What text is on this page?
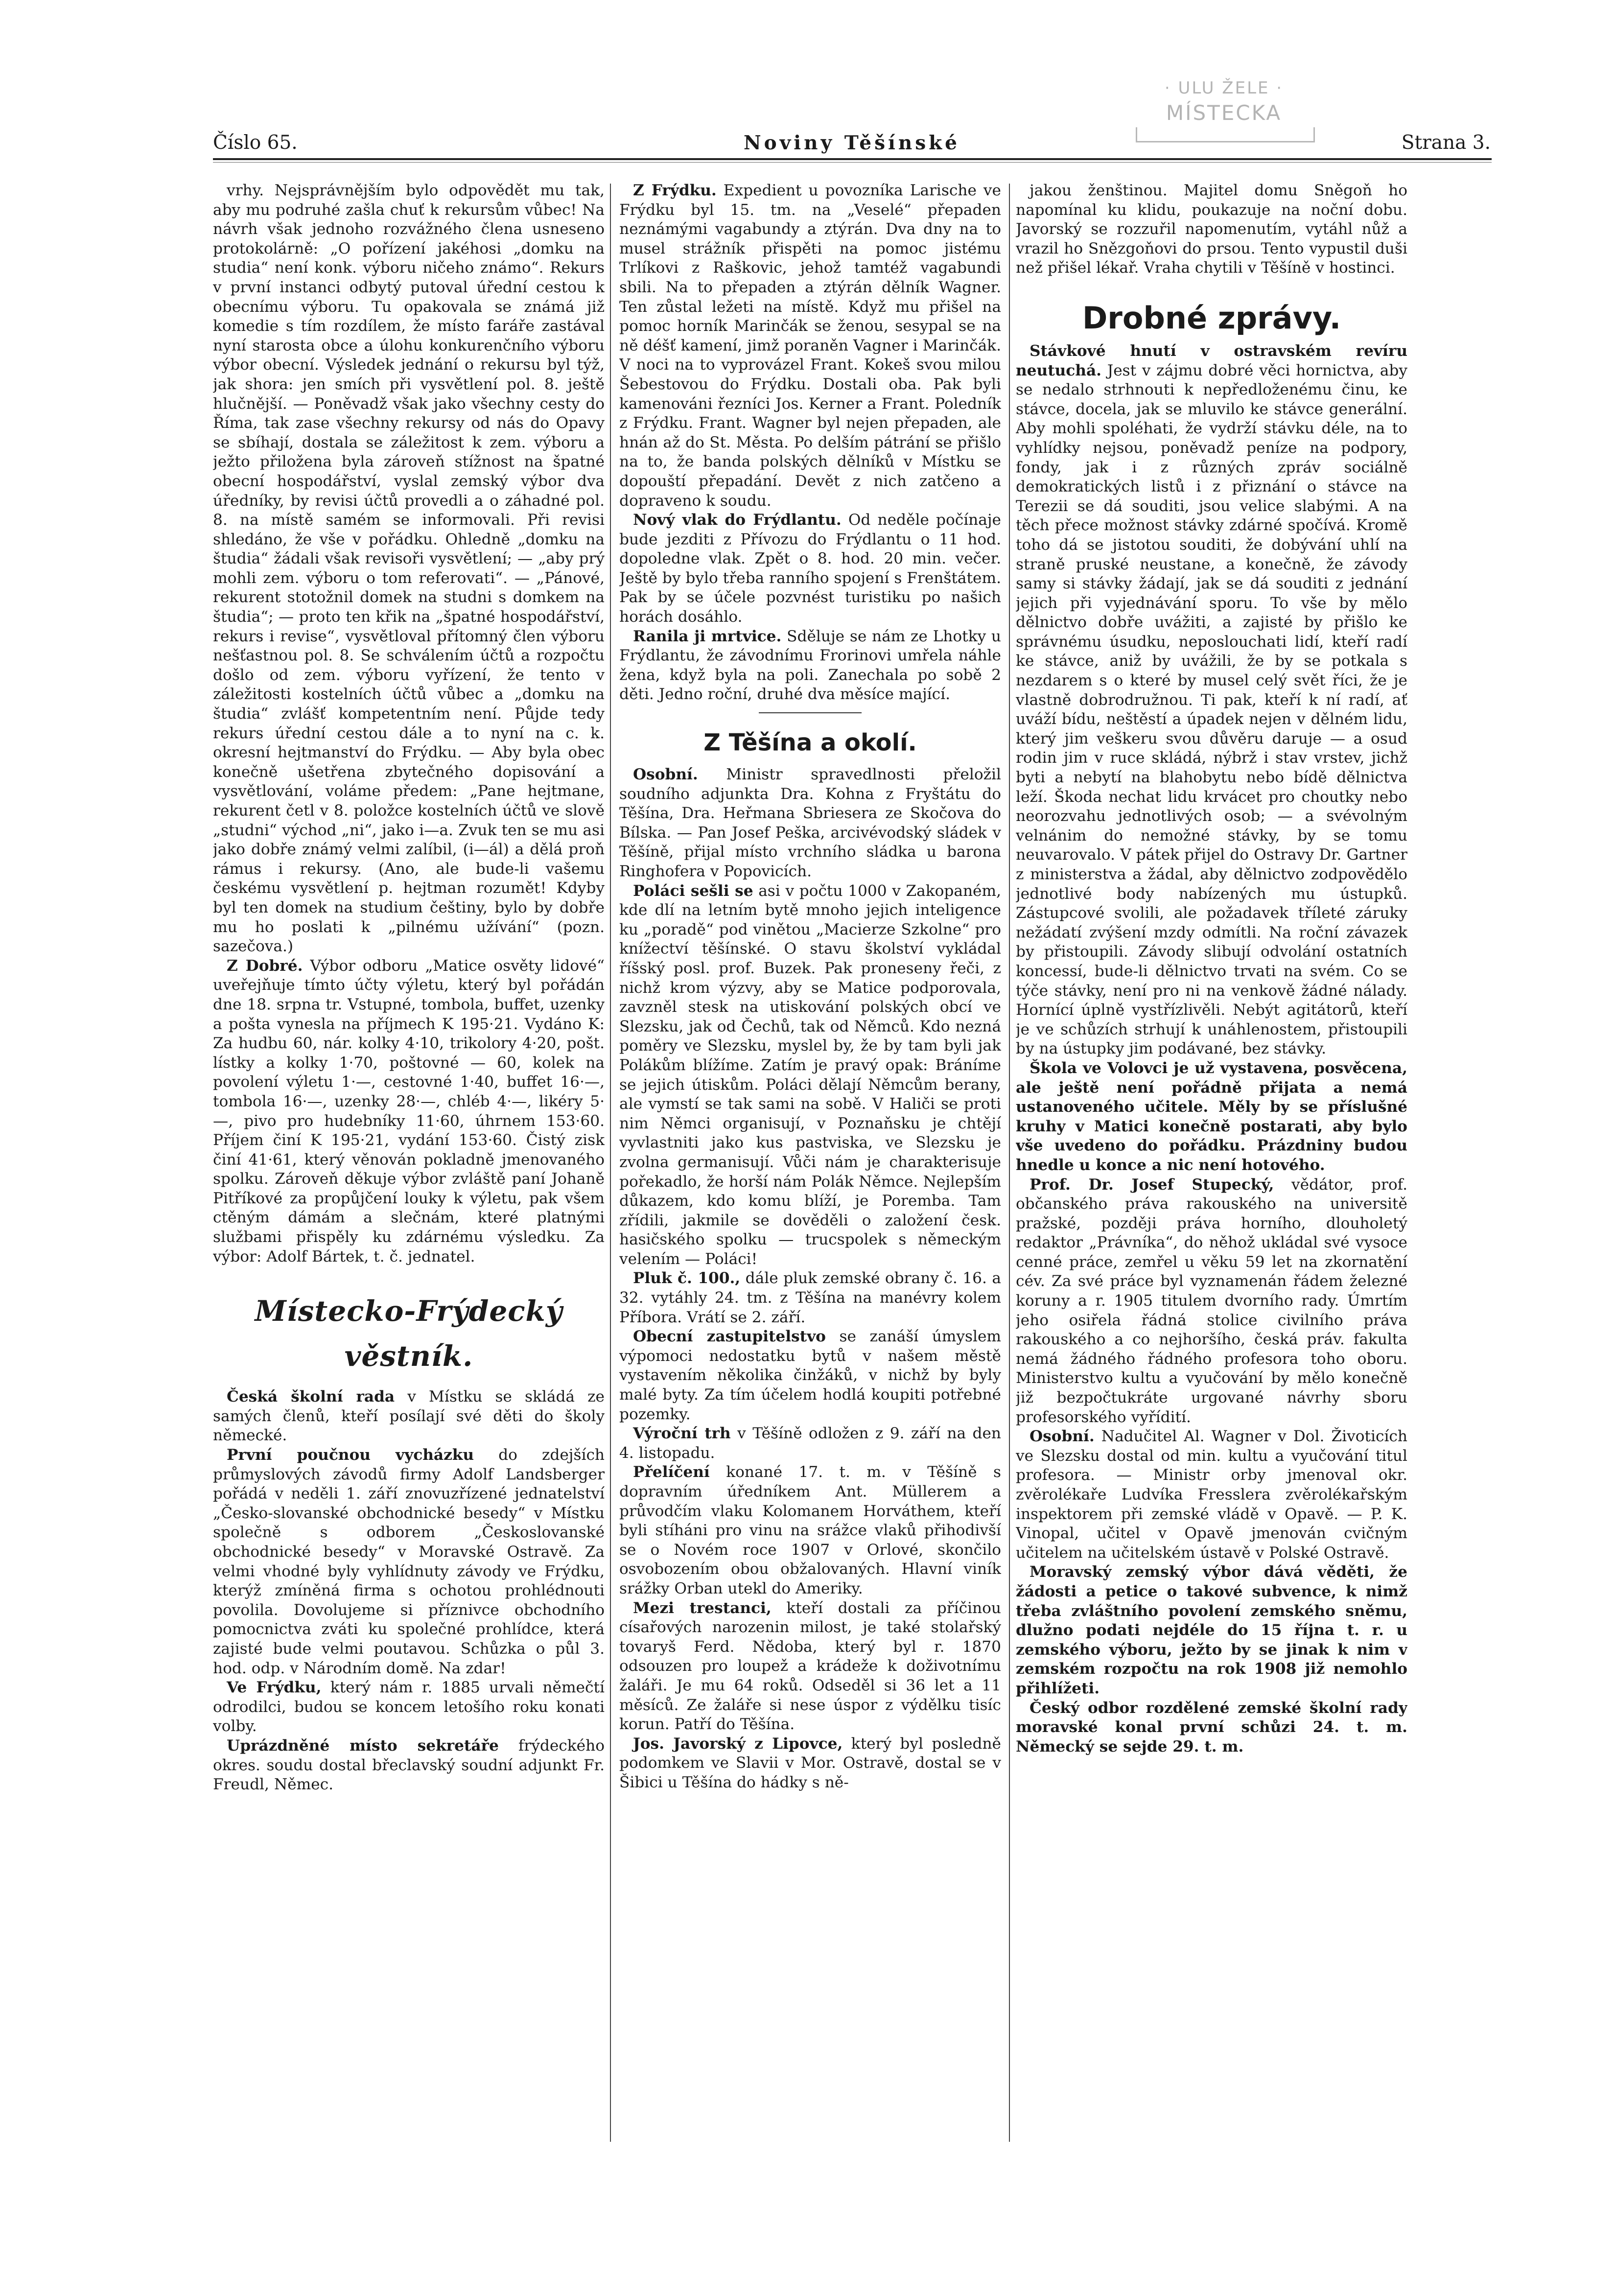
· ULU ŽELE ·
MÍSTECKA
Číslo 65.	Noviny Těšínské	Strana 3.

vrhy. Nejsprávnějším bylo odpovědět mu tak, aby mu podruhé zašla chuť k rekursům vůbec! Na návrh však jednoho rozvážného člena usneseno protokolárně: „O pořízení jakéhosi „domku na studia“ není konk. výboru ničeho známo“. Rekurs v první instanci odbytý putoval úřední cestou k obecnímu výboru. Tu opakovala se známá již komedie s tím rozdílem, že místo faráře zastával nyní starosta obce a úlohu konkurenčního výboru výbor obecní. Výsledek jednání o rekursu byl týž, jak shora: jen smích při vysvětlení pol. 8. ještě hlučnější. — Poněvadž však jako všechny cesty do Říma, tak zase všechny rekursy od nás do Opavy se sbíhají, dostala se záležitost k zem. výboru a ježto přiložena byla zároveň stížnost na špatné obecní hospodářství, vyslal zemský výbor dva úředníky, by revisi účtů provedli a o záhadné pol. 8. na místě samém se informovali. Při revisi shledáno, že vše v pořádku. Ohledně „domku na študia“ žádali však revisoři vysvětlení; — „aby prý mohli zem. výboru o tom referovati“. — „Pánové, rekurent stotožnil domek na studni s domkem na študia“; — proto ten křik na „špatné hospodářství, rekurs i revise“, vysvětloval přítomný člen výboru nešťastnou pol. 8. Se schválením účtů a rozpočtu došlo od zem. výboru vyřízení, že tento v záležitosti kostelních účtů vůbec a „domku na študia“ zvlášť kompetentním není. Půjde tedy rekurs úřední cestou dále a to nyní na c. k. okresní hejtmanství do Frýdku. — Aby byla obec konečně ušetřena zbytečného dopisování a vysvětlování, voláme předem: „Pane hejtmane, rekurent četl v 8. položce kostelních účtů ve slově „studni“ východ „ni“, jako i—a. Zvuk ten se mu asi jako dobře známý velmi zalíbil, (i—ál) a dělá proň rámus i rekursy. (Ano, ale bude-li vašemu českému vysvětlení p. hejtman rozumět! Kdyby byl ten domek na studium češtiny, bylo by dobře mu ho poslati k „pilnému užívání“ (pozn. sazečova.)

Z Dobré. Výbor odboru „Matice osvěty lidové“ uveřejňuje tímto účty výletu, který byl pořádán dne 18. srpna tr. Vstupné, tombola, buffet, uzenky a pošta vynesla na příjmech K 195·21. Vydáno K: Za hudbu 60, nár. kolky 4·10, trikolory 4·20, pošt. lístky a kolky 1·70, poštovné — 60, kolek na povolení výletu 1·—, cestovné 1·40, buffet 16·—, tombola 16·—, uzenky 28·—, chléb 4·—, likéry 5·—, pivo pro hudebníky 11·60, úhrnem 153·60. Příjem činí K 195·21, vydání 153·60. Čistý zisk činí 41·61, který věnován pokladně jmenovaného spolku. Zároveň děkuje výbor zvláště paní Johaně Pitříkové za propůjčení louky k výletu, pak všem ctěným dámám a slečnám, které platnými službami přispěly ku zdárnému výsledku. Za výbor: Adolf Bártek, t. č. jednatel.

Místecko-Frýdecký věstník.

Česká školní rada v Místku se skládá ze samých členů, kteří posílají své děti do školy německé.

První poučnou vycházku do zdejších průmyslových závodů firmy Adolf Landsberger pořádá v neděli 1. září znovuzřízené jednatelství „Česko-slovanské obchodnické besedy“ v Místku společně s odborem „Českoslovanské obchodnické besedy“ v Moravské Ostravě. Za velmi vhodné byly vyhlídnuty závody ve Frýdku, kterýž zmíněná firma s ochotou prohlédnouti povolila. Dovolujeme si příznivce obchodního pomocnictva zváti ku společné prohlídce, která zajisté bude velmi poutavou. Schůzka o půl 3. hod. odp. v Národním domě. Na zdar!

Ve Frýdku, který nám r. 1885 urvali němečtí odrodilci, budou se koncem letošího roku konati volby.

Uprázdněné místo sekretáře frýdeckého okres. soudu dostal břeclavský soudní adjunkt Fr. Freudl, Němec.

Z Frýdku. Expedient u povozníka Larische ve Frýdku byl 15. tm. na „Veselé“ přepaden neznámými vagabundy a ztýrán. Dva dny na to musel strážník přispěti na pomoc jistému Trlíkovi z Raškovic, jehož tamtéž vagabundi sbili. Na to přepaden a ztýrán dělník Wagner. Ten zůstal ležeti na místě. Když mu přišel na pomoc horník Marinčák se ženou, sesypal se na ně déšť kamení, jimž poraněn Vagner i Marinčák. V noci na to vyprovázel Frant. Kokeš svou milou Šebestovou do Frýdku. Dostali oba. Pak byli kamenováni řezníci Jos. Kerner a Frant. Poledník z Frýdku. Frant. Wagner byl nejen přepaden, ale hnán až do St. Města. Po delším pátrání se přišlo na to, že banda polských dělníků v Místku se dopouští přepadání. Devět z nich zatčeno a dopraveno k soudu.

Nový vlak do Frýdlantu. Od neděle počínaje bude jezditi z Přívozu do Frýdlantu o 11 hod. dopoledne vlak. Zpět o 8. hod. 20 min. večer. Ještě by bylo třeba ranního spojení s Frenštátem. Pak by se účele pozvnést turistiku po našich horách dosáhlo.

Ranila ji mrtvice. Sděluje se nám ze Lhotky u Frýdlantu, že závodnímu Frorinovi umřela náhle žena, když byla na poli. Zanechala po sobě 2 děti. Jedno roční, druhé dva měsíce mající.

Z Těšína a okolí.

Osobní. Ministr spravedlnosti přeložil soudního adjunkta Dra. Kohna z Fryštátu do Těšína, Dra. Heřmana Sbriesera ze Skočova do Bílska. — Pan Josef Peška, arcivévodský sládek v Těšíně, přijal místo vrchního sládka u barona Ringhofera v Popovicích.

Poláci sešli se asi v počtu 1000 v Zakopaném, kde dlí na letním bytě mnoho jejich inteligence ku „poradě“ pod vinětou „Macierze Szkolne“ pro knížectví těšínské. O stavu školství vykládal říšský posl. prof. Buzek. Pak proneseny řeči, z nichž krom výzvy, aby se Matice podporovala, zavzněl stesk na utiskování polských obcí ve Slezsku, jak od Čechů, tak od Němců. Kdo nezná poměry ve Slezsku, myslel by, že by tam byli jak Polákům blížíme. Zatím je pravý opak: Bráníme se jejich útiskům. Poláci dělají Němcům berany, ale vymstí se tak sami na sobě. V Haliči se proti nim Němci organisují, v Poznaňsku je chtějí vyvlastniti jako kus pastviska, ve Slezsku je zvolna germanisují. Vůči nám je charakterisuje pořekadlo, že horší nám Polák Němce. Nejlepším důkazem, kdo komu blíží, je Poremba. Tam zřídili, jakmile se dověděli o založení česk. hasičského spolku — trucspolek s německým velením — Poláci!

Pluk č. 100., dále pluk zemské obrany č. 16. a 32. vytáhly 24. tm. z Těšína na manévry kolem Příbora. Vrátí se 2. září.

Obecní zastupitelstvo se zanáší úmyslem výpomoci nedostatku bytů v našem městě vystavením několika činžáků, v nichž by byly malé byty. Za tím účelem hodlá koupiti potřebné pozemky.

Výroční trh v Těšíně odložen z 9. září na den 4. listopadu.

Přelíčení konané 17. t. m. v Těšíně s dopravním úředníkem Ant. Müllerem a průvodčím vlaku Kolomanem Horváthem, kteří byli stíháni pro vinu na srážce vlaků přihodivší se o Novém roce 1907 v Orlové, skončilo osvobozením obou obžalovaných. Hlavní viník srážky Orban utekl do Ameriky.

Mezi trestanci, kteří dostali za příčinou císařových narozenin milost, je také stolařský tovaryš Ferd. Nědoba, který byl r. 1870 odsouzen pro loupež a krádeže k doživotnímu žaláři. Je mu 64 roků. Odseděl si 36 let a 11 měsíců. Ze žaláře si nese úspor z výdělku tisíc korun. Patří do Těšína.

Jos. Javorský z Lipovce, který byl posledně podomkem ve Slavii v Mor. Ostravě, dostal se v Šibici u Těšína do hádky s ně-

jakou ženštinou. Majitel domu Sněgoň ho napomínal ku klidu, poukazuje na noční dobu. Javorský se rozzuřil napomenutím, vytáhl nůž a vrazil ho Snězgoňovi do prsou. Tento vypustil duši než přišel lékař. Vraha chytili v Těšíně v hostinci.

Drobné zprávy.

Stávkové hnutí v ostravském revíru neutuchá. Jest v zájmu dobré věci hornictva, aby se nedalo strhnouti k nepředloženému činu, ke stávce, docela, jak se mluvilo ke stávce generální. Aby mohli spoléhati, že vydrží stávku déle, na to vyhlídky nejsou, poněvadž peníze na podpory, fondy, jak i z různých zpráv sociálně demokratických listů i z přiznání o stávce na Terezii se dá souditi, jsou velice slabými. A na těch přece možnost stávky zdárné spočívá. Kromě toho dá se jistotou souditi, že dobývání uhlí na straně pruské neustane, a konečně, že závody samy si stávky žádají, jak se dá souditi z jednání jejich při vyjednávání sporu. To vše by mělo dělnictvo dobře uvážiti, a zajisté by přišlo ke správnému úsudku, neposlouchati lidí, kteří radí ke stávce, aniž by uvážili, že by se potkala s nezdarem s o které by musel celý svět říci, že je vlastně dobrodružnou. Ti pak, kteří k ní radí, ať uváží bídu, neštěstí a úpadek nejen v dělném lidu, který jim veškeru svou důvěru daruje — a osud rodin jim v ruce skládá, nýbrž i stav vrstev, jichž byti a nebytí na blahobytu nebo bídě dělnictva leží. Škoda nechat lidu krvácet pro choutky nebo neorozvahu jednotlivých osob; — a svévolným velnánim do nemožné stávky, by se tomu neuvarovalo. V pátek přijel do Ostravy Dr. Gartner z ministerstva a žádal, aby dělnictvo zodpovědělo jednotlivé body nabízených mu ústupků. Zástupcové svolili, ale požadavek tříleté záruky nežádatí zvýšení mzdy odmítli. Na roční závazek by přistoupili. Závody slibují odvolání ostatních koncessí, bude-li dělnictvo trvati na svém. Co se týče stávky, není pro ni na venkově žádné nálady. Hornící úplně vystřízlivěli. Nebýt agitátorů, kteří je ve schůzích strhují k unáhlenostem, přistoupili by na ústupky jim podávané, bez stávky.

Škola ve Volovci je už vystavena, posvěcena, ale ještě není pořádně přijata a nemá ustanoveného učitele. Měly by se příslušné kruhy v Matici konečně postarati, aby bylo vše uvedeno do pořádku. Prázdniny budou hnedle u konce a nic není hotového.

Prof. Dr. Josef Stupecký, vědátor, prof. občanského práva rakouského na universitě pražské, později práva horního, dlouholetý redaktor „Právníka“, do něhož ukládal své vysoce cenné práce, zemřel u věku 59 let na zkornatění cév. Za své práce byl vyznamenán řádem železné koruny a r. 1905 titulem dvorního rady. Úmrtím jeho osiřela řádná stolice civilního práva rakouského a co nejhoršího, česká práv. fakulta nemá žádného řádného profesora toho oboru. Ministerstvo kultu a vyučování by mělo konečně již bezpočtukráte urgované návrhy sboru profesorského vyřídití.

Osobní. Nadučitel Al. Wagner v Dol. Životicích ve Slezsku dostal od min. kultu a vyučování titul profesora. — Ministr orby jmenoval okr. zvěrolékaře Ludvíka Fresslera zvěrolékařským inspektorem při zemské vládě v Opavě. — P. K. Vinopal, učitel v Opavě jmenován cvičným učitelem na učitelském ústavě v Polské Ostravě.

Moravský zemský výbor dává věděti, že žádosti a petice o takové subvence, k nimž třeba zvláštního povolení zemského sněmu, dlužno podati nejdéle do 15 října t. r. u zemského výboru, ježto by se jinak k nim v zemském rozpočtu na rok 1908 již nemohlo přihlížeti.

Český odbor rozdělené zemské školní rady moravské konal první schůzi 24. t. m. Německý se sejde 29. t. m.
